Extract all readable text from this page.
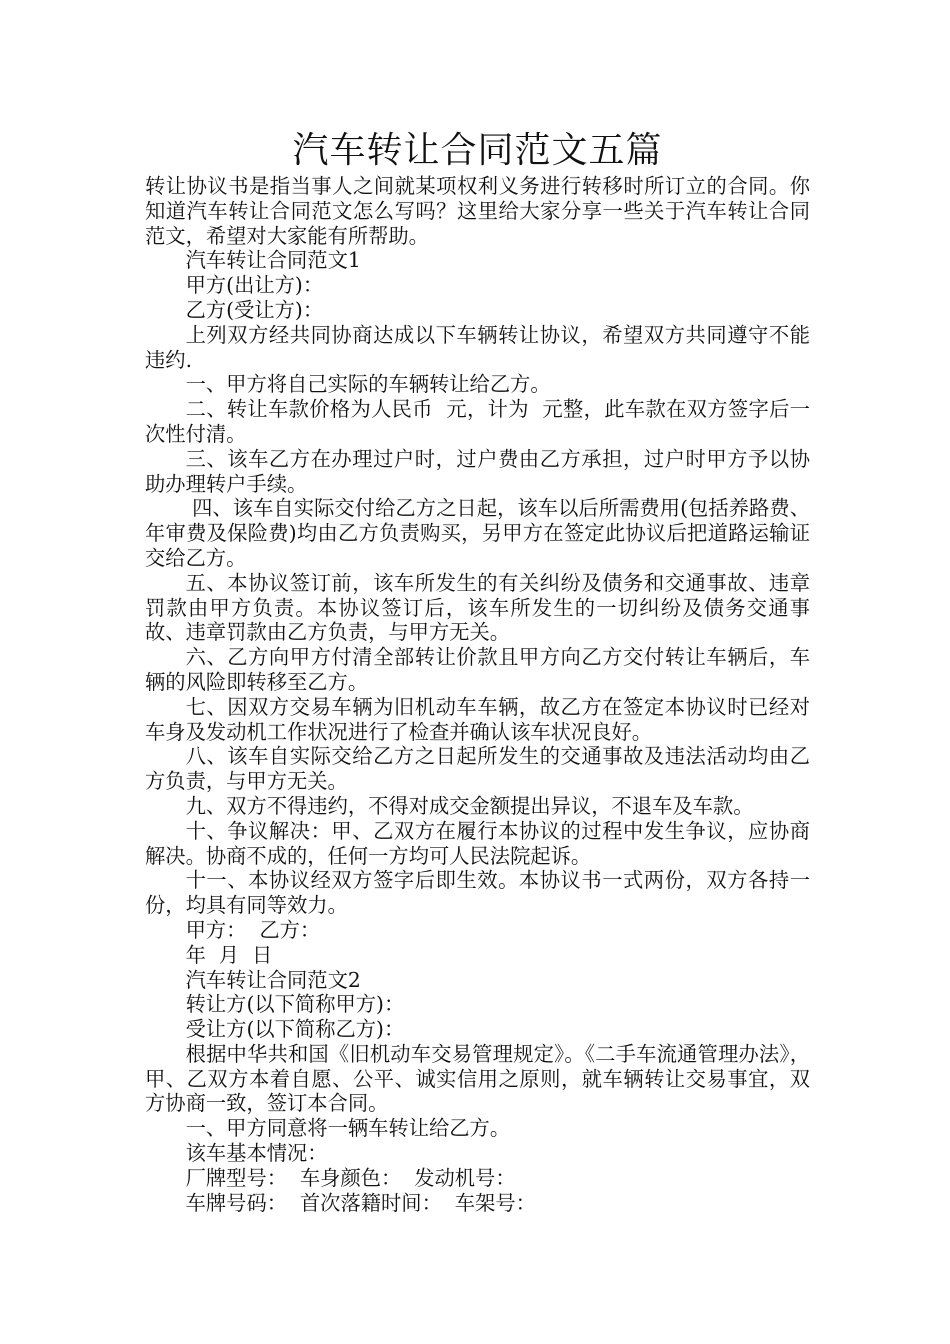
汽车转让合同范文五篇

转让协议书是指当事人之间就某项权利义务进行转移时所订立的合同。你知道汽车转让合同范文怎么写吗？这里给大家分享一些关于汽车转让合同范文，希望对大家能有所帮助。

汽车转让合同范文1

甲方(出让方)：

乙方(受让方)：

上列双方经共同协商达成以下车辆转让协议，希望双方共同遵守不能违约.

一、甲方将自己实际的车辆转让给乙方。

二、转让车款价格为人民币  元，计为  元整，此车款在双方签字后一次性付清。

三、该车乙方在办理过户时，过户费由乙方承担，过户时甲方予以协助办理转户手续。

四、该车自实际交付给乙方之日起，该车以后所需费用(包括养路费、年审费及保险费)均由乙方负责购买，另甲方在签定此协议后把道路运输证交给乙方。

五、本协议签订前，该车所发生的有关纠纷及债务和交通事故、违章罚款由甲方负责。本协议签订后，该车所发生的一切纠纷及债务交通事故、违章罚款由乙方负责，与甲方无关。

六、乙方向甲方付清全部转让价款且甲方向乙方交付转让车辆后，车辆的风险即转移至乙方。

七、因双方交易车辆为旧机动车车辆，故乙方在签定本协议时已经对车身及发动机工作状况进行了检查并确认该车状况良好。

八、该车自实际交给乙方之日起所发生的交通事故及违法活动均由乙方负责，与甲方无关。

九、双方不得违约，不得对成交金额提出异议，不退车及车款。

十、争议解决：甲、乙双方在履行本协议的过程中发生争议，应协商解决。协商不成的，任何一方均可人民法院起诉。

十一、本协议经双方签字后即生效。本协议书一式两份，双方各持一份，均具有同等效力。

甲方：  乙方：

年  月  日

汽车转让合同范文2

转让方(以下简称甲方)：

受让方(以下简称乙方)：

根据中华共和国《旧机动车交易管理规定》。《二手车流通管理办法》，甲、乙双方本着自愿、公平、诚实信用之原则，就车辆转让交易事宜，双方协商一致，签订本合同。

一、甲方同意将一辆车转让给乙方。

该车基本情况：

厂牌型号：  车身颜色：  发动机号：

车牌号码：  首次落籍时间：  车架号：
